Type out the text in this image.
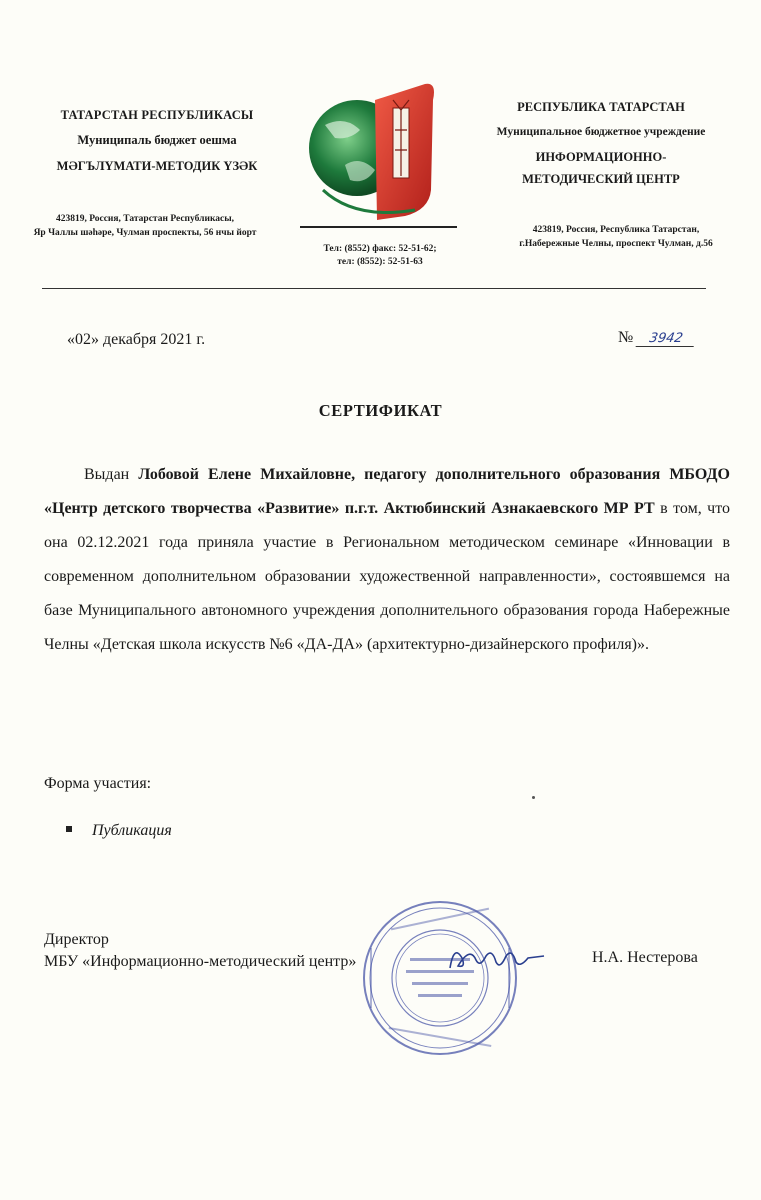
ТАТАРСТАН РЕСПУБЛИКАСЫ
Муниципаль бюджет оешма
МӘГЪЛҮМАТИ-МЕТОДИК ҮЗӘК
423819, Россия, Татарстан Республикасы,
Яр Чаллы шәһәре, Чулман проспекты, 56 нчы йорт
Тел: (8552) факс: 52-51-62;
тел: (8552): 52-51-63
РЕСПУБЛИКА ТАТАРСТАН
Муниципальное бюджетное учреждение
ИНФОРМАЦИОННО-
МЕТОДИЧЕСКИЙ ЦЕНТР
423819, Россия, Республика Татарстан,
г.Набережные Челны, проспект Чулман, д.56
«02» декабря 2021 г.	№ 3942
СЕРТИФИКАТ
Выдан Лобовой Елене Михайловне, педагогу дополнительного образования МБОДО «Центр детского творчества «Развитие» п.г.т. Актюбинский Азнакаевского МР РТ в том, что она 02.12.2021 года приняла участие в Региональном методическом семинаре «Инновации в современном дополнительном образовании художественной направленности», состоявшемся на базе Муниципального автономного учреждения дополнительного образования города Набережные Челны «Детская школа искусств №6 «ДА-ДА» (архитектурно-дизайнерского профиля)».
Форма участия:
Публикация
Директор
МБУ «Информационно-методический центр»	Н.А. Нестерова
